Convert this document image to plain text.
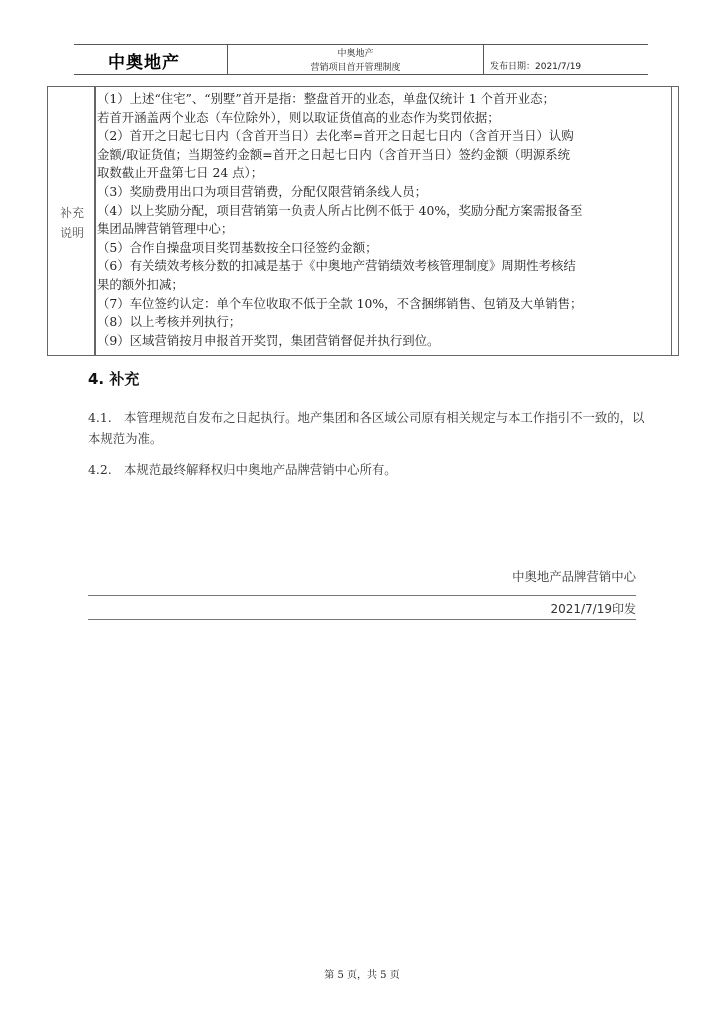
中奥地产	中奥地产
营销项目首开管理制度	发布日期：2021/7/19
补充
说明
（1）上述“住宅”、“别墅”首开是指：整盘首开的业态，单盘仅统计 1 个首开业态；
若首开涵盖两个业态（车位除外），则以取证货值高的业态作为奖罚依据；
（2）首开之日起七日内（含首开当日）去化率=首开之日起七日内（含首开当日）认购
金额/取证货值；当期签约金额=首开之日起七日内（含首开当日）签约金额（明源系统
取数截止开盘第七日 24 点）；
（3）奖励费用出口为项目营销费，分配仅限营销条线人员；
（4）以上奖励分配，项目营销第一负责人所占比例不低于 40%，奖励分配方案需报备至
集团品牌营销管理中心；
（5）合作自操盘项目奖罚基数按全口径签约金额；
（6）有关绩效考核分数的扣减是基于《中奥地产营销绩效考核管理制度》周期性考核结
果的额外扣减；
（7）车位签约认定：单个车位收取不低于全款 10%，不含捆绑销售、包销及大单销售；
（8）以上考核并列执行；
（9）区域营销按月申报首开奖罚，集团营销督促并执行到位。
4. 补充
4.1.　本管理规范自发布之日起执行。地产集团和各区域公司原有相关规定与本工作指引不一致的，以本规范为准。
4.2.　本规范最终解释权归中奥地产品牌营销中心所有。
中奥地产品牌营销中心
2021/7/19印发
第 5 页，共 5 页
